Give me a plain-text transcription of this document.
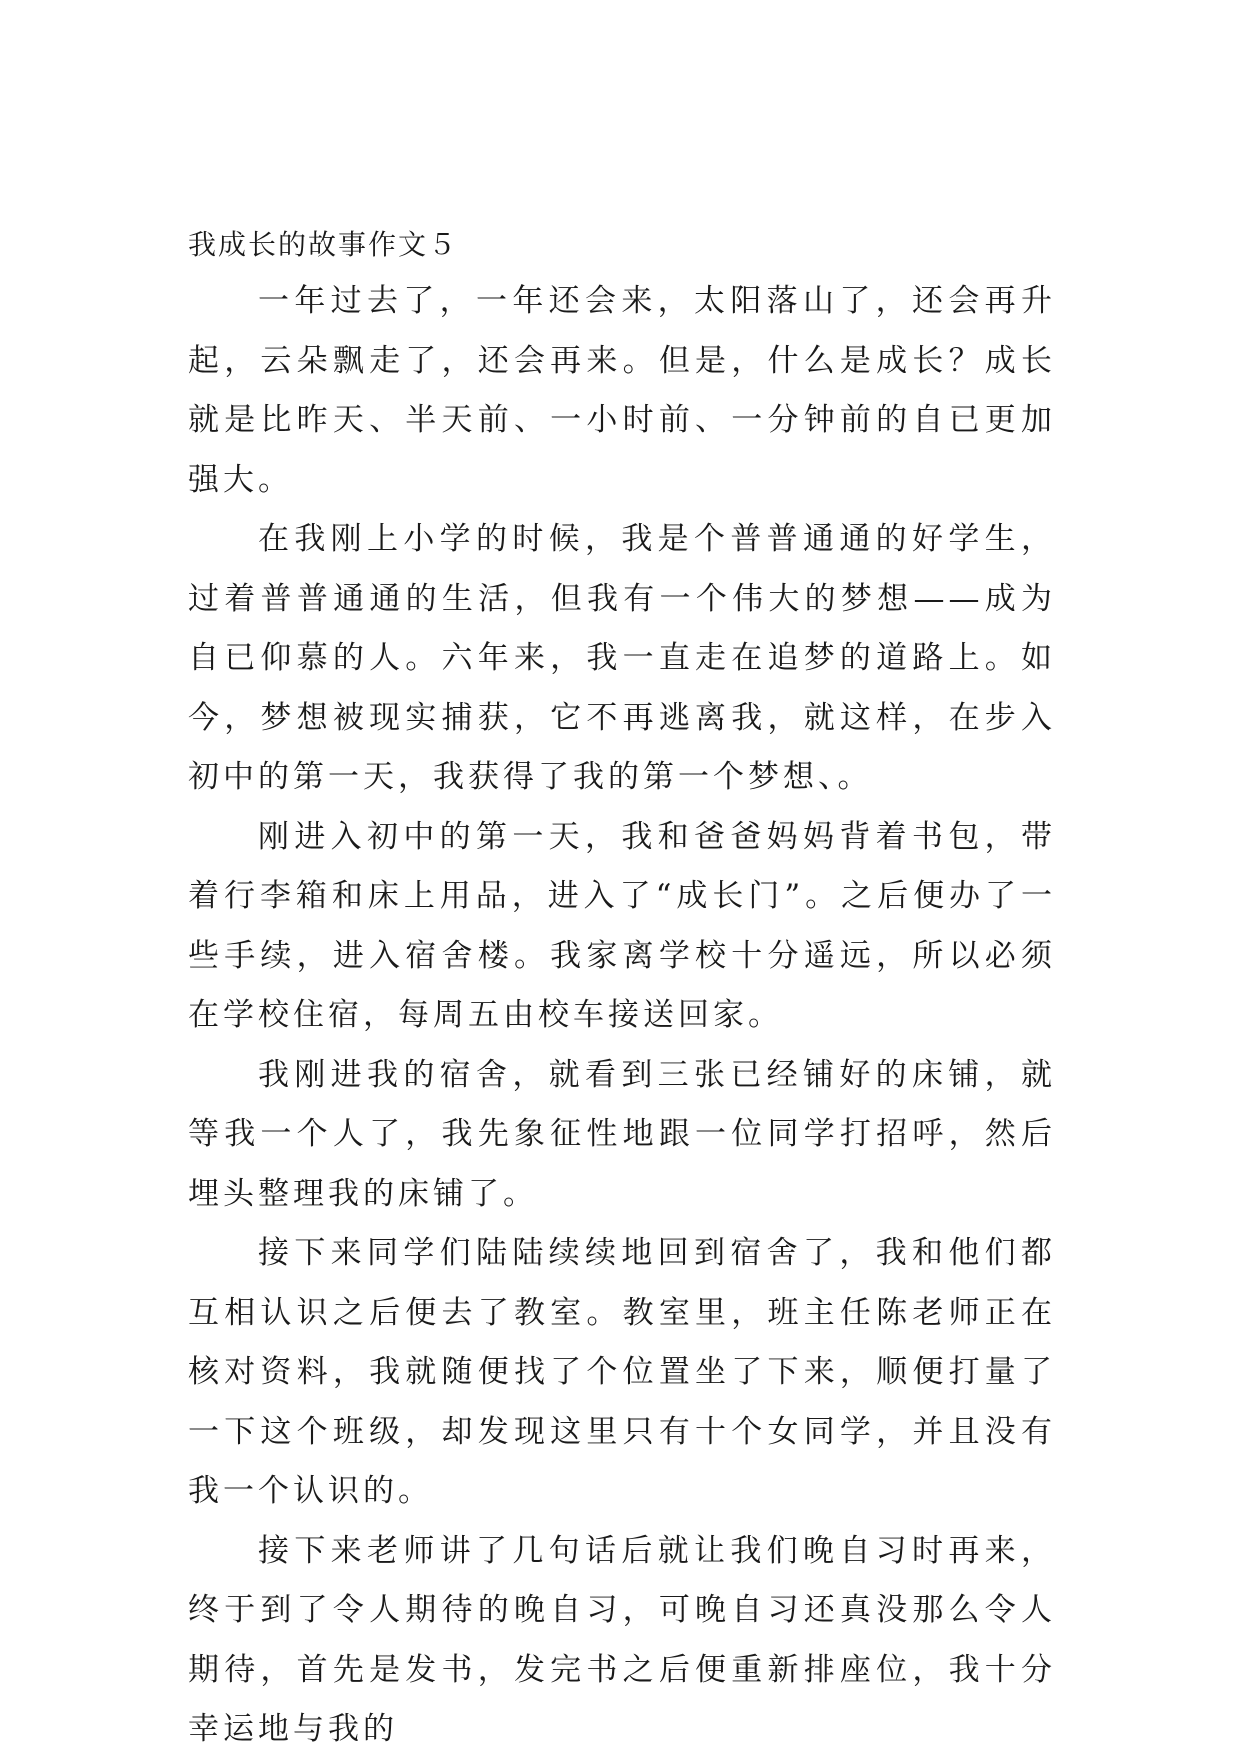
我成长的故事作文５

一年过去了，一年还会来，太阳落山了，还会再升起，云朵飘走了，还会再来。但是，什么是成长？成长就是比昨天、半天前、一小时前、一分钟前的自已更加强大。

在我刚上小学的时候，我是个普普通通的好学生，过着普普通通的生活，但我有一个伟大的梦想——成为自已仰慕的人。六年来，我一直走在追梦的道路上。如今，梦想被现实捕获，它不再逃离我，就这样，在步入初中的第一天，我获得了我的第一个梦想、。

刚进入初中的第一天，我和爸爸妈妈背着书包，带着行李箱和床上用品，进入了“成长门”。之后便办了一些手续，进入宿舍楼。我家离学校十分遥远，所以必须在学校住宿，每周五由校车接送回家。

我刚进我的宿舍，就看到三张已经铺好的床铺，就等我一个人了，我先象征性地跟一位同学打招呼，然后埋头整理我的床铺了。

接下来同学们陆陆续续地回到宿舍了，我和他们都互相认识之后便去了教室。教室里，班主任陈老师正在核对资料，我就随便找了个位置坐了下来，顺便打量了一下这个班级，却发现这里只有十个女同学，并且没有我一个认识的。

接下来老师讲了几句话后就让我们晚自习时再来，终于到了令人期待的晚自习，可晚自习还真没那么令人期待，首先是发书，发完书之后便重新排座位，我十分幸运地与我的
